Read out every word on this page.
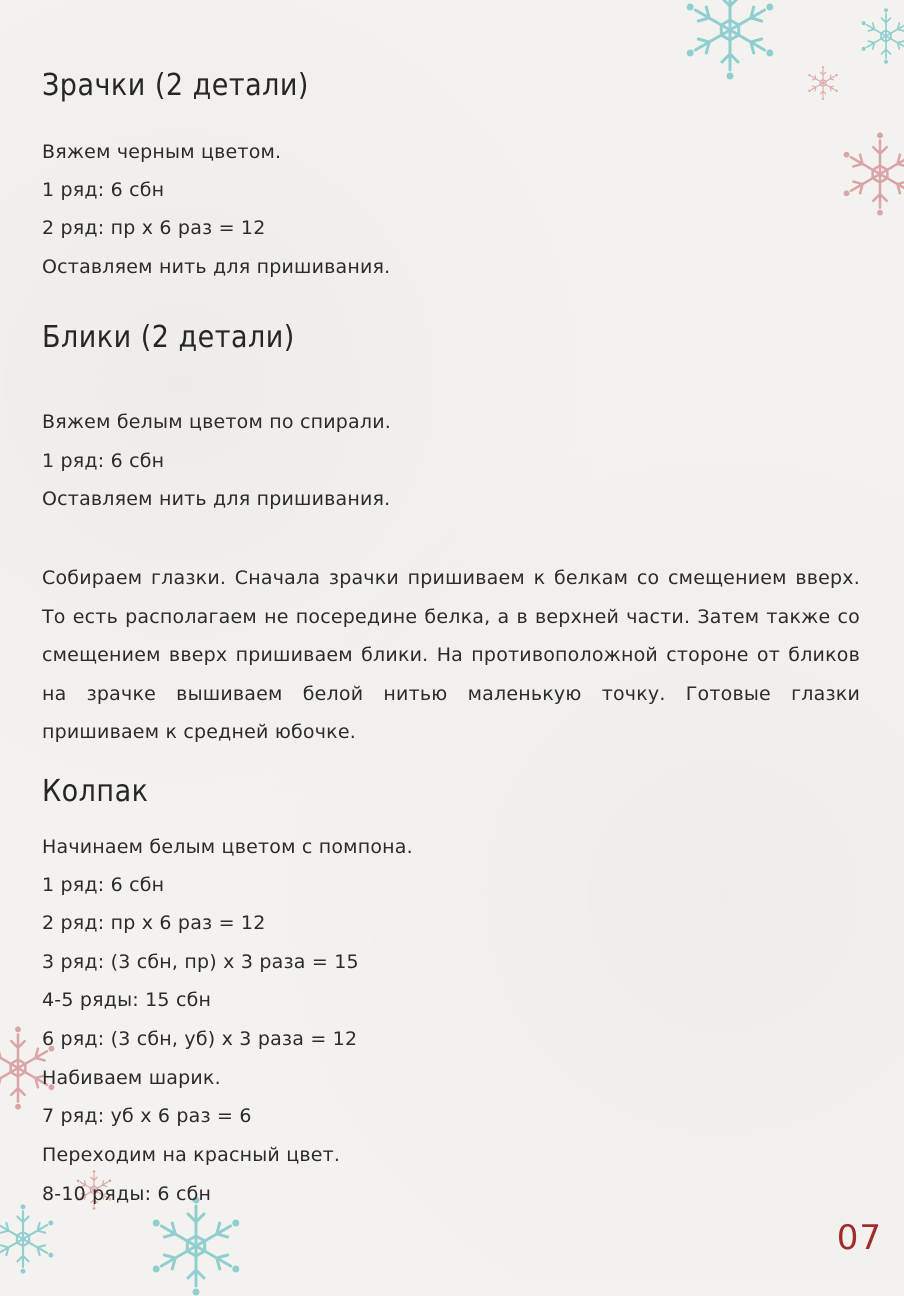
Зрачки (2 детали)

Вяжем черным цветом.

1 ряд: 6 сбн

2 ряд: пр х 6 раз = 12

Оставляем нить для пришивания.

Блики (2 детали)

Вяжем белым цветом по спирали.

1 ряд: 6 сбн

Оставляем нить для пришивания.

Собираем глазки. Сначала зрачки пришиваем к белкам со смещением вверх. То есть располагаем не посередине белка, а в верхней части. Затем также со смещением вверх пришиваем блики. На противоположной стороне от бликов на зрачке вышиваем белой нитью маленькую точку. Готовые глазки пришиваем к средней юбочке.

Колпак

Начинаем белым цветом с помпона.

1 ряд: 6 сбн

2 ряд: пр х 6 раз = 12

3 ряд: (3 сбн, пр) х 3 раза = 15

4-5 ряды: 15 сбн

6 ряд: (3 сбн, уб) х 3 раза = 12

Набиваем шарик.

7 ряд: уб х 6 раз = 6

Переходим на красный цвет.

8-10 ряды: 6 сбн

07
